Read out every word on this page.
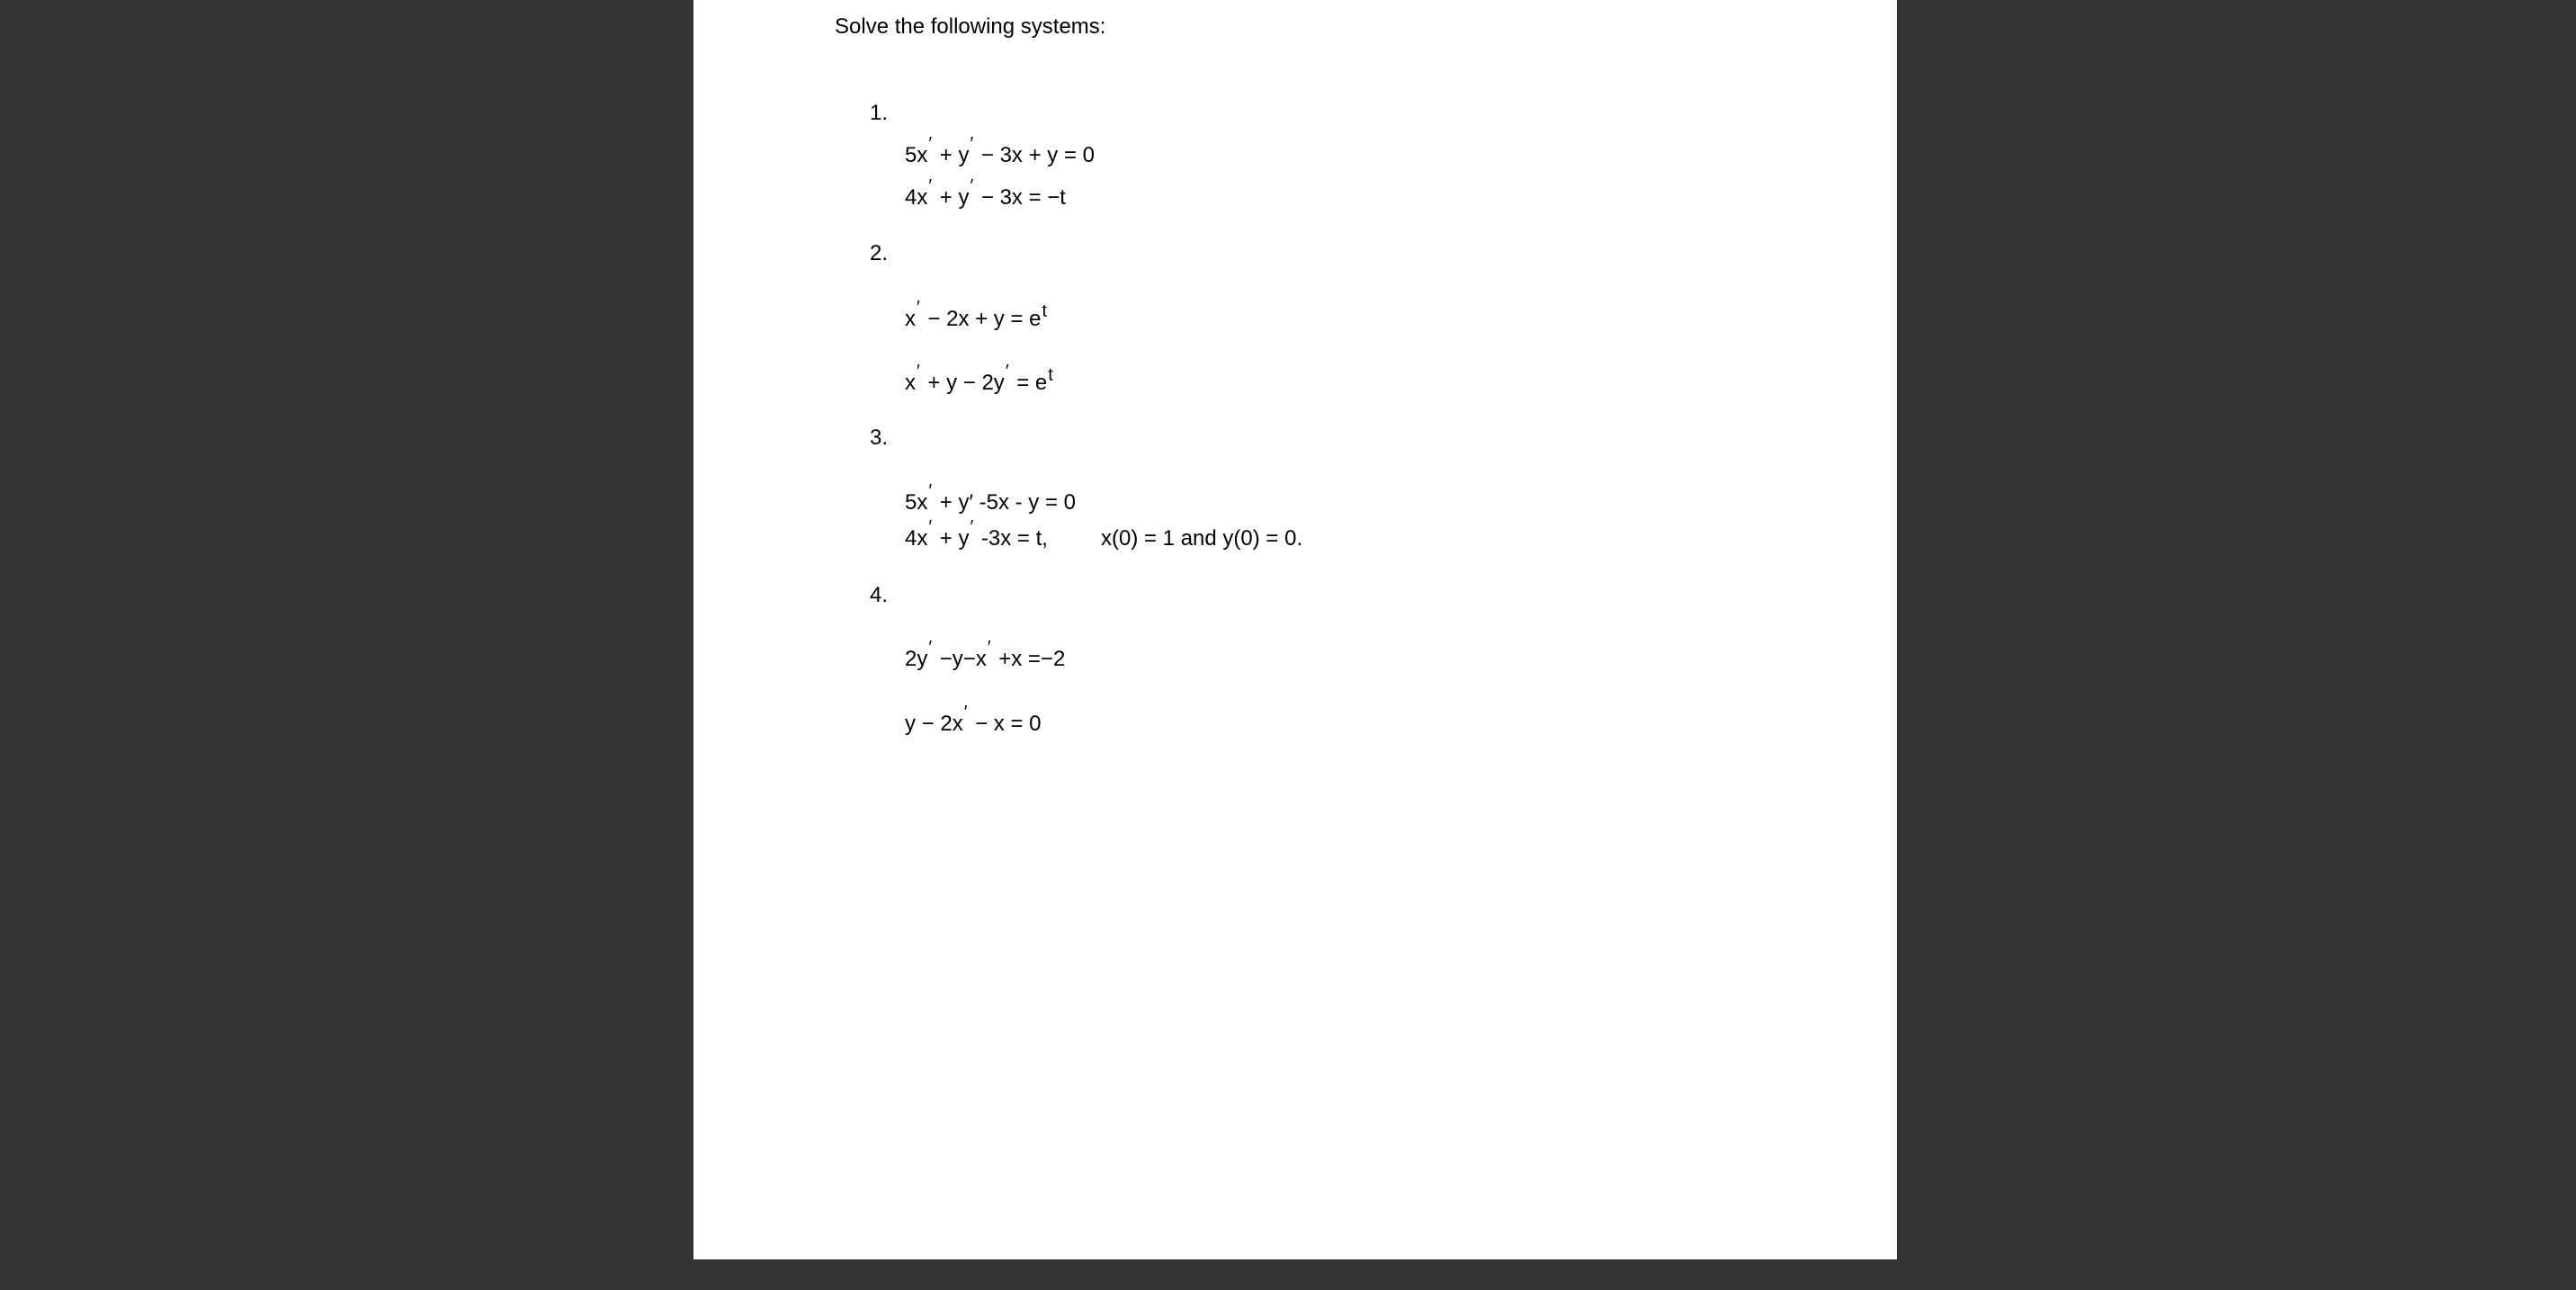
Solve the following systems:
1.
5x′ + y′ − 3x + y = 0
4x′ + y′ − 3x = −t
2.
$x' - 2x + y = e^t$
$x' + y - 2y' = e^t$
3.
5x′ + y′ -5x - y = 0
4x′ + y′ -3x = t, x(0) = 1 and y(0) = 0.
4.
2y′ −y−x′ +x =−2
y − 2x′ − x = 0
